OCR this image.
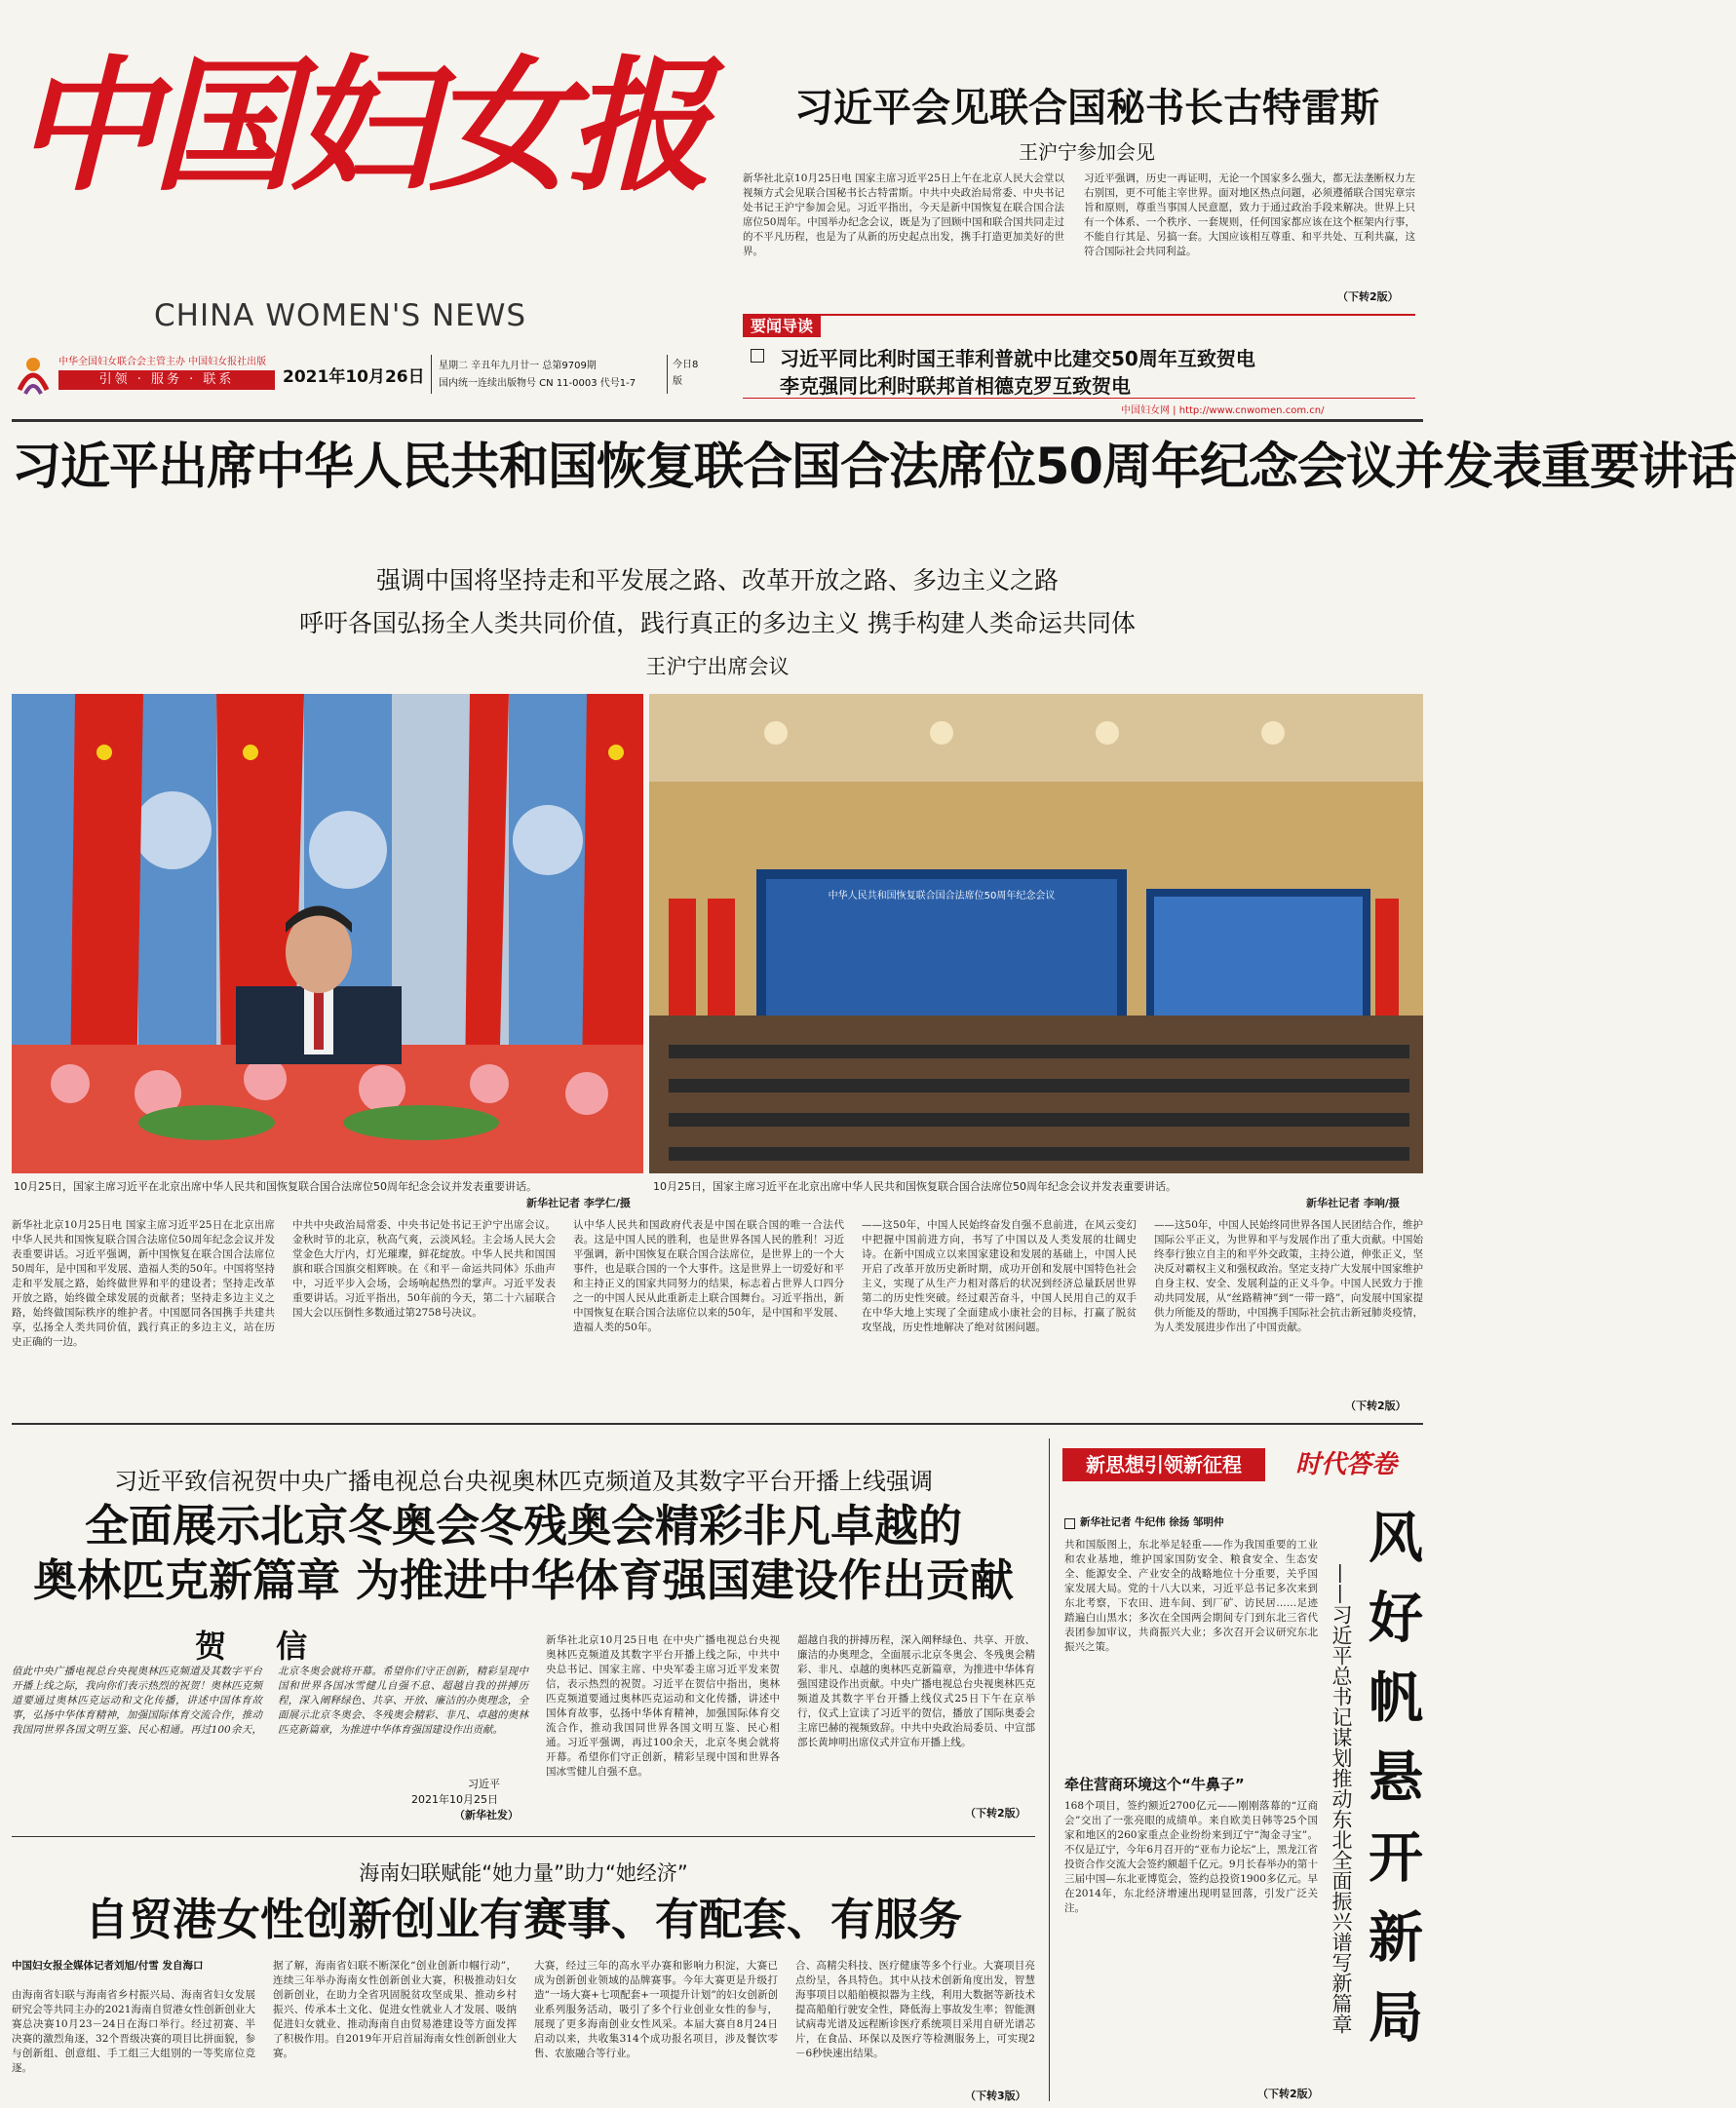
中国妇女报
CHINA WOMEN'S NEWS
中华全国妇女联合会主管主办 中国妇女报社出版
引领 · 服务 · 联系	2021年10月26日
星期二 辛丑年九月廿一 总第9709期
国内统一连续出版物号 CN 11-0003 代号1-7
今日8版
习近平会见联合国秘书长古特雷斯
王沪宁参加会见
新华社北京10月25日电 国家主席习近平25日上午在北京人民大会堂以视频方式会见联合国秘书长古特雷斯。中共中央政治局常委、中央书记处书记王沪宁参加会见。习近平指出，今天是新中国恢复在联合国合法席位50周年。中国举办纪念会议，既是为了回顾中国和联合国共同走过的不平凡历程，也是为了从新的历史起点出发，携手打造更加美好的世界。
习近平强调，历史一再证明，无论一个国家多么强大，都无法垄断权力左右别国，更不可能主宰世界。面对地区热点问题，必须遵循联合国宪章宗旨和原则，尊重当事国人民意愿，致力于通过政治手段来解决。世界上只有一个体系、一个秩序、一套规则，任何国家都应该在这个框架内行事，不能自行其是、另搞一套。大国应该相互尊重、和平共处、互利共赢，这符合国际社会共同利益。
（下转2版）
要闻导读
习近平同比利时国王菲利普就中比建交50周年互致贺电
李克强同比利时联邦首相德克罗互致贺电
中国妇女网 | http://www.cnwomen.com.cn/
习近平出席中华人民共和国恢复联合国合法席位50周年纪念会议并发表重要讲话
强调中国将坚持走和平发展之路、改革开放之路、多边主义之路
呼吁各国弘扬全人类共同价值，践行真正的多边主义 携手构建人类命运共同体
王沪宁出席会议
中华人民共和国恢复联合国合法席位50周年纪念会议
10月25日，国家主席习近平在北京出席中华人民共和国恢复联合国合法席位50周年纪念会议并发表重要讲话。
新华社记者 李学仁/摄
10月25日，国家主席习近平在北京出席中华人民共和国恢复联合国合法席位50周年纪念会议并发表重要讲话。
新华社记者 李响/摄
新华社北京10月25日电 国家主席习近平25日在北京出席中华人民共和国恢复联合国合法席位50周年纪念会议并发表重要讲话。习近平强调，新中国恢复在联合国合法席位50周年，是中国和平发展、造福人类的50年。中国将坚持走和平发展之路，始终做世界和平的建设者；坚持走改革开放之路，始终做全球发展的贡献者；坚持走多边主义之路，始终做国际秩序的维护者。中国愿同各国携手共建共享，弘扬全人类共同价值，践行真正的多边主义，站在历史正确的一边。
中共中央政治局常委、中央书记处书记王沪宁出席会议。金秋时节的北京，秋高气爽，云淡风轻。主会场人民大会堂金色大厅内，灯光璀璨，鲜花绽放。中华人民共和国国旗和联合国旗交相辉映。在《和平－命运共同体》乐曲声中，习近平步入会场，会场响起热烈的掌声。习近平发表重要讲话。习近平指出，50年前的今天，第二十六届联合国大会以压倒性多数通过第2758号决议。
认中华人民共和国政府代表是中国在联合国的唯一合法代表。这是中国人民的胜利，也是世界各国人民的胜利！习近平强调，新中国恢复在联合国合法席位，是世界上的一个大事件，也是联合国的一个大事件。这是世界上一切爱好和平和主持正义的国家共同努力的结果，标志着占世界人口四分之一的中国人民从此重新走上联合国舞台。习近平指出，新中国恢复在联合国合法席位以来的50年，是中国和平发展、造福人类的50年。
——这50年，中国人民始终奋发自强不息前进，在风云变幻中把握中国前进方向，书写了中国以及人类发展的壮阔史诗。在新中国成立以来国家建设和发展的基础上，中国人民开启了改革开放历史新时期，成功开创和发展中国特色社会主义，实现了从生产力相对落后的状况到经济总量跃居世界第二的历史性突破。经过艰苦奋斗，中国人民用自己的双手在中华大地上实现了全面建成小康社会的目标，打赢了脱贫攻坚战，历史性地解决了绝对贫困问题。
——这50年，中国人民始终同世界各国人民团结合作，维护国际公平正义，为世界和平与发展作出了重大贡献。中国始终奉行独立自主的和平外交政策，主持公道，伸张正义，坚决反对霸权主义和强权政治。坚定支持广大发展中国家维护自身主权、安全、发展利益的正义斗争。中国人民致力于推动共同发展，从“丝路精神”到“一带一路”，向发展中国家提供力所能及的帮助，中国携手国际社会抗击新冠肺炎疫情，为人类发展进步作出了中国贡献。
（下转2版）
习近平致信祝贺中央广播电视总台央视奥林匹克频道及其数字平台开播上线强调
全面展示北京冬奥会冬残奥会精彩非凡卓越的
奥林匹克新篇章 为推进中华体育强国建设作出贡献
贺 信
值此中央广播电视总台央视奥林匹克频道及其数字平台开播上线之际，我向你们表示热烈的祝贺！奥林匹克频道要通过奥林匹克运动和文化传播，讲述中国体育故事，弘扬中华体育精神，加强国际体育交流合作，推动我国同世界各国文明互鉴、民心相通。再过100余天，北京冬奥会就将开幕。希望你们守正创新，精彩呈现中国和世界各国冰雪健儿自强不息、超越自我的拼搏历程，深入阐释绿色、共享、开放、廉洁的办奥理念，全面展示北京冬奥会、冬残奥会精彩、非凡、卓越的奥林匹克新篇章，为推进中华体育强国建设作出贡献。
习近平
2021年10月25日
（新华社发）
新华社北京10月25日电 在中央广播电视总台央视奥林匹克频道及其数字平台开播上线之际，中共中央总书记、国家主席、中央军委主席习近平发来贺信，表示热烈的祝贺。习近平在贺信中指出，奥林匹克频道要通过奥林匹克运动和文化传播，讲述中国体育故事，弘扬中华体育精神，加强国际体育交流合作，推动我国同世界各国文明互鉴、民心相通。习近平强调，再过100余天，北京冬奥会就将开幕。希望你们守正创新，精彩呈现中国和世界各国冰雪健儿自强不息。
超越自我的拼搏历程，深入阐释绿色、共享、开放、廉洁的办奥理念，全面展示北京冬奥会、冬残奥会精彩、非凡、卓越的奥林匹克新篇章，为推进中华体育强国建设作出贡献。中央广播电视总台央视奥林匹克频道及其数字平台开播上线仪式25日下午在京举行，仪式上宣读了习近平的贺信，播放了国际奥委会主席巴赫的视频致辞。中共中央政治局委员、中宣部部长黄坤明出席仪式并宣布开播上线。
（下转2版）
海南妇联赋能“她力量”助力“她经济”
自贸港女性创新创业有赛事、有配套、有服务
中国妇女报全媒体记者刘旭/付雪 发自海口
由海南省妇联与海南省乡村振兴局、海南省妇女发展研究会等共同主办的2021海南自贸港女性创新创业大赛总决赛10月23－24日在海口举行。经过初赛、半决赛的激烈角逐，32个晋级决赛的项目比拼面貌，参与创新组、创意组、手工组三大组别的一等奖席位竞逐。
据了解，海南省妇联不断深化“创业创新巾帼行动”，连续三年举办海南女性创新创业大赛，积极推动妇女创新创业，在助力全省巩固脱贫攻坚成果、推动乡村振兴、传承本土文化、促进女性就业人才发展、吸纳促进妇女就业、推动海南自由贸易港建设等方面发挥了积极作用。自2019年开启首届海南女性创新创业大赛。
大赛，经过三年的高水平办赛和影响力积淀，大赛已成为创新创业领域的品牌赛事。今年大赛更是升级打造“一场大赛+七项配套+一项提升计划”的妇女创新创业系列服务活动，吸引了多个行业创业女性的参与，展现了更多海南创业女性风采。本届大赛自8月24日启动以来，共收集314个成功报名项目，涉及餐饮零售、农旅融合等行业。
合、高精尖科技、医疗健康等多个行业。大赛项目亮点纷呈，各具特色。其中从技术创新角度出发，智慧海事项目以船舶模拟器为主线，利用大数据等新技术提高船舶行驶安全性，降低海上事故发生率；智能测试病毒光谱及远程断诊医疗系统项目采用自研光谱芯片，在食品、环保以及医疗等检测服务上，可实现2－6秒快速出结果。
（下转3版）
新思想引领新征程	时代答卷
新华社记者 牛纪伟 徐扬 邹明仲
共和国版图上，东北举足轻重——作为我国重要的工业和农业基地，维护国家国防安全、粮食安全、生态安全、能源安全、产业安全的战略地位十分重要，关乎国家发展大局。党的十八大以来，习近平总书记多次来到东北考察，下农田、进车间、到厂矿、访民居……足迹踏遍白山黑水；多次在全国两会期间专门到东北三省代表团参加审议，共商振兴大业；多次召开会议研究东北振兴之策。
牵住营商环境这个“牛鼻子”
168个项目，签约额近2700亿元——刚刚落幕的“辽商会”交出了一张亮眼的成绩单。来自欧美日韩等25个国家和地区的260家重点企业纷纷来到辽宁“淘金寻宝”。不仅是辽宁，今年6月召开的“亚布力论坛”上，黑龙江省投资合作交流大会签约额超千亿元。9月长春举办的第十三届中国—东北亚博览会，签约总投资1900多亿元。早在2014年，东北经济增速出现明显回落，引发广泛关注。
（下转2版）
风好帆悬开新局
——习近平总书记谋划推动东北全面振兴谱写新篇章
